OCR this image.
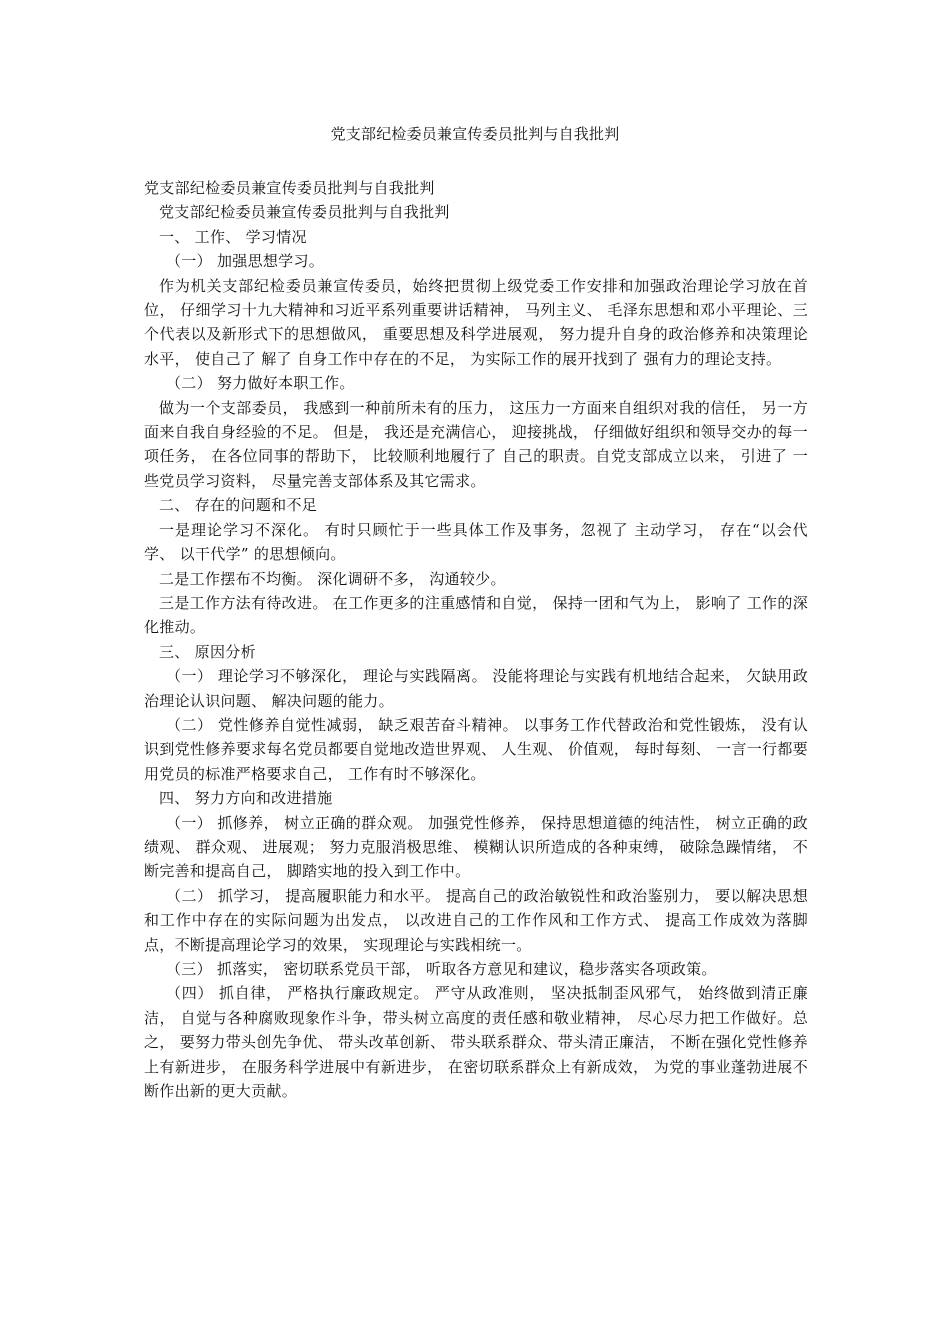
党支部纪检委员兼宣传委员批判与自我批判

党支部纪检委员兼宣传委员批判与自我批判

党支部纪检委员兼宣传委员批判与自我批判

一、 工作、 学习情况

（一） 加强思想学习。

作为机关支部纪检委员兼宣传委员，始终把贯彻上级党委工作安排和加强政治理论学习放在首位， 仔细学习十九大精神和习近平系列重要讲话精神， 马列主义、 毛泽东思想和邓小平理论、三个代表以及新形式下的思想做风， 重要思想及科学进展观， 努力提升自身的政治修养和决策理论水平， 使自己了 解了 自身工作中存在的不足， 为实际工作的展开找到了 强有力的理论支持。

（二） 努力做好本职工作。

做为一个支部委员， 我感到一种前所未有的压力， 这压力一方面来自组织对我的信任， 另一方面来自我自身经验的不足。 但是， 我还是充满信心， 迎接挑战， 仔细做好组织和领导交办的每一项任务， 在各位同事的帮助下， 比较顺利地履行了 自己的职责。自党支部成立以来， 引进了 一些党员学习资料， 尽量完善支部体系及其它需求。

二、 存在的问题和不足

一是理论学习不深化。 有时只顾忙于一些具体工作及事务，忽视了 主动学习， 存在“以会代学、 以干代学” 的思想倾向。

二是工作摆布不均衡。 深化调研不多， 沟通较少。

三是工作方法有待改进。 在工作更多的注重感情和自觉， 保持一团和气为上， 影响了 工作的深化推动。

三、 原因分析

（一） 理论学习不够深化， 理论与实践隔离。 没能将理论与实践有机地结合起来， 欠缺用政治理论认识问题、 解决问题的能力。

（二） 党性修养自觉性减弱， 缺乏艰苦奋斗精神。 以事务工作代替政治和党性锻炼， 没有认识到党性修养要求每名党员都要自觉地改造世界观、 人生观、 价值观， 每时每刻、 一言一行都要用党员的标准严格要求自己， 工作有时不够深化。

四、 努力方向和改进措施

（一） 抓修养， 树立正确的群众观。 加强党性修养， 保持思想道德的纯洁性， 树立正确的政绩观、 群众观、 进展观； 努力克服消极思维、 模糊认识所造成的各种束缚， 破除急躁情绪， 不断完善和提高自己， 脚踏实地的投入到工作中。

（二） 抓学习， 提高履职能力和水平。 提高自己的政治敏锐性和政治鉴别力， 要以解决思想和工作中存在的实际问题为出发点， 以改进自己的工作作风和工作方式、 提高工作成效为落脚点，不断提高理论学习的效果， 实现理论与实践相统一。

（三） 抓落实， 密切联系党员干部， 听取各方意见和建议，稳步落实各项政策。

（四） 抓自律， 严格执行廉政规定。 严守从政准则， 坚决抵制歪风邪气， 始终做到清正廉洁， 自觉与各种腐败现象作斗争，带头树立高度的责任感和敬业精神， 尽心尽力把工作做好。总之， 要努力带头创先争优、 带头改革创新、 带头联系群众、带头清正廉洁， 不断在强化党性修养上有新进步， 在服务科学进展中有新进步， 在密切联系群众上有新成效， 为党的事业蓬勃进展不断作出新的更大贡献。
